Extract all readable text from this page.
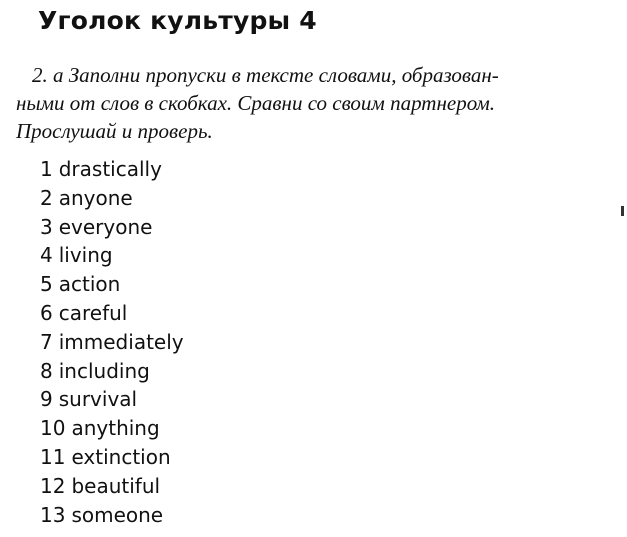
Уголок культуры 4

2. a Заполни пропуски в тексте словами, образован-
ными от слов в скобках. Сравни со своим партнером.
Прослушай и проверь.

1 drastically
2 anyone
3 everyone
4 living
5 action
6 careful
7 immediately
8 including
9 survival
10 anything
11 extinction
12 beautiful
13 someone
